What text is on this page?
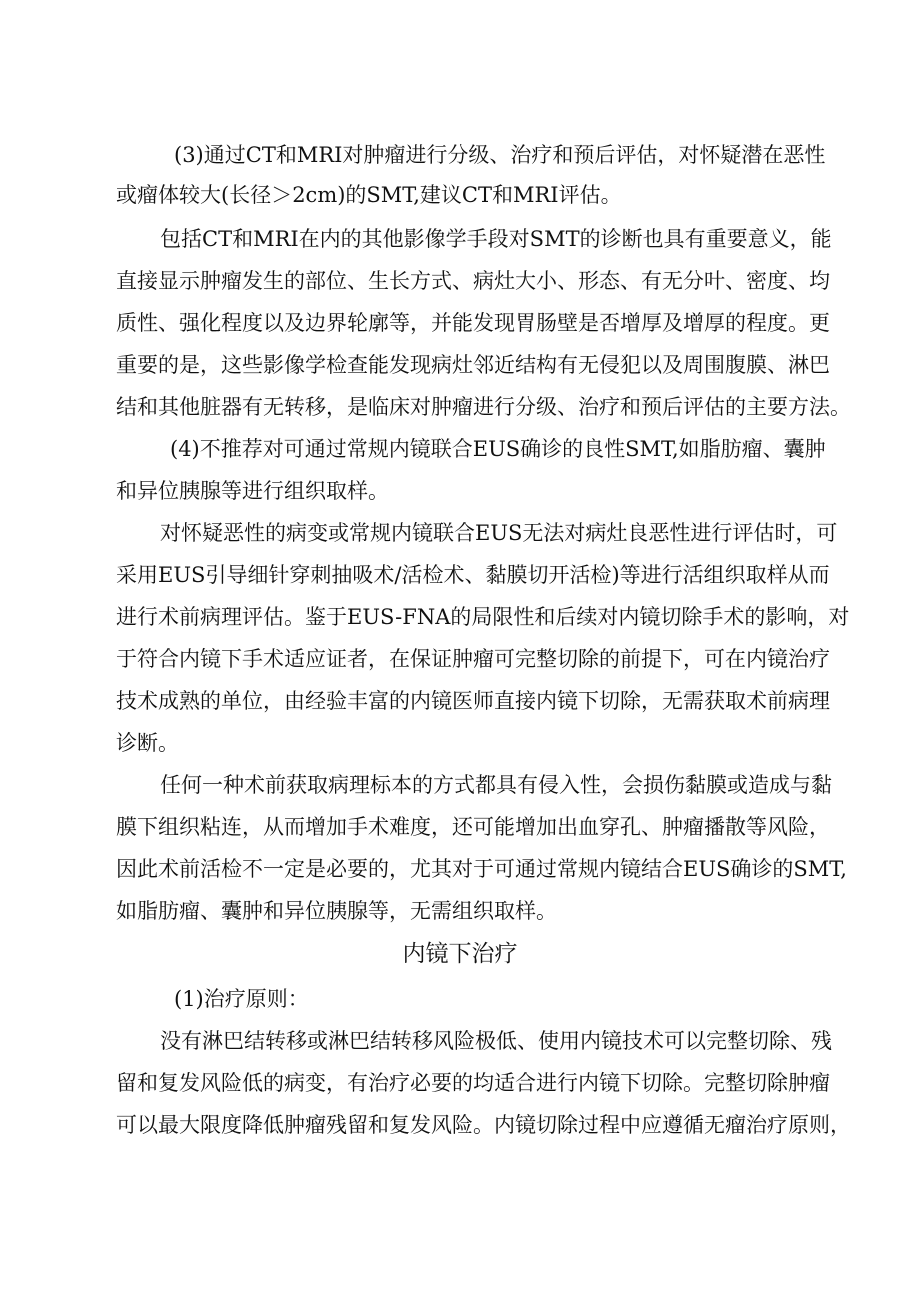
(3)通过CT和MRI对肿瘤进行分级、治疗和预后评估，对怀疑潜在恶性
或瘤体较大(长径＞2cm)的SMT,建议CT和MRI评估。
包括CT和MRI在内的其他影像学手段对SMT的诊断也具有重要意义，能
直接显示肿瘤发生的部位、生长方式、病灶大小、形态、有无分叶、密度、均
质性、强化程度以及边界轮廓等，并能发现胃肠壁是否增厚及增厚的程度。更
重要的是，这些影像学检查能发现病灶邻近结构有无侵犯以及周围腹膜、淋巴
结和其他脏器有无转移，是临床对肿瘤进行分级、治疗和预后评估的主要方法。
(4)不推荐对可通过常规内镜联合EUS确诊的良性SMT,如脂肪瘤、囊肿
和异位胰腺等进行组织取样。
对怀疑恶性的病变或常规内镜联合EUS无法对病灶良恶性进行评估时，可
采用EUS引导细针穿刺抽吸术/活检术、黏膜切开活检)等进行活组织取样从而
进行术前病理评估。鉴于EUS-FNA的局限性和后续对内镜切除手术的影响，对
于符合内镜下手术适应证者，在保证肿瘤可完整切除的前提下，可在内镜治疗
技术成熟的单位，由经验丰富的内镜医师直接内镜下切除，无需获取术前病理
诊断。
任何一种术前获取病理标本的方式都具有侵入性，会损伤黏膜或造成与黏
膜下组织粘连，从而增加手术难度，还可能增加出血穿孔、肿瘤播散等风险，
因此术前活检不一定是必要的，尤其对于可通过常规内镜结合EUS确诊的SMT,
如脂肪瘤、囊肿和异位胰腺等，无需组织取样。
内镜下治疗
(1)治疗原则：
没有淋巴结转移或淋巴结转移风险极低、使用内镜技术可以完整切除、残
留和复发风险低的病变，有治疗必要的均适合进行内镜下切除。完整切除肿瘤
可以最大限度降低肿瘤残留和复发风险。内镜切除过程中应遵循无瘤治疗原则，
